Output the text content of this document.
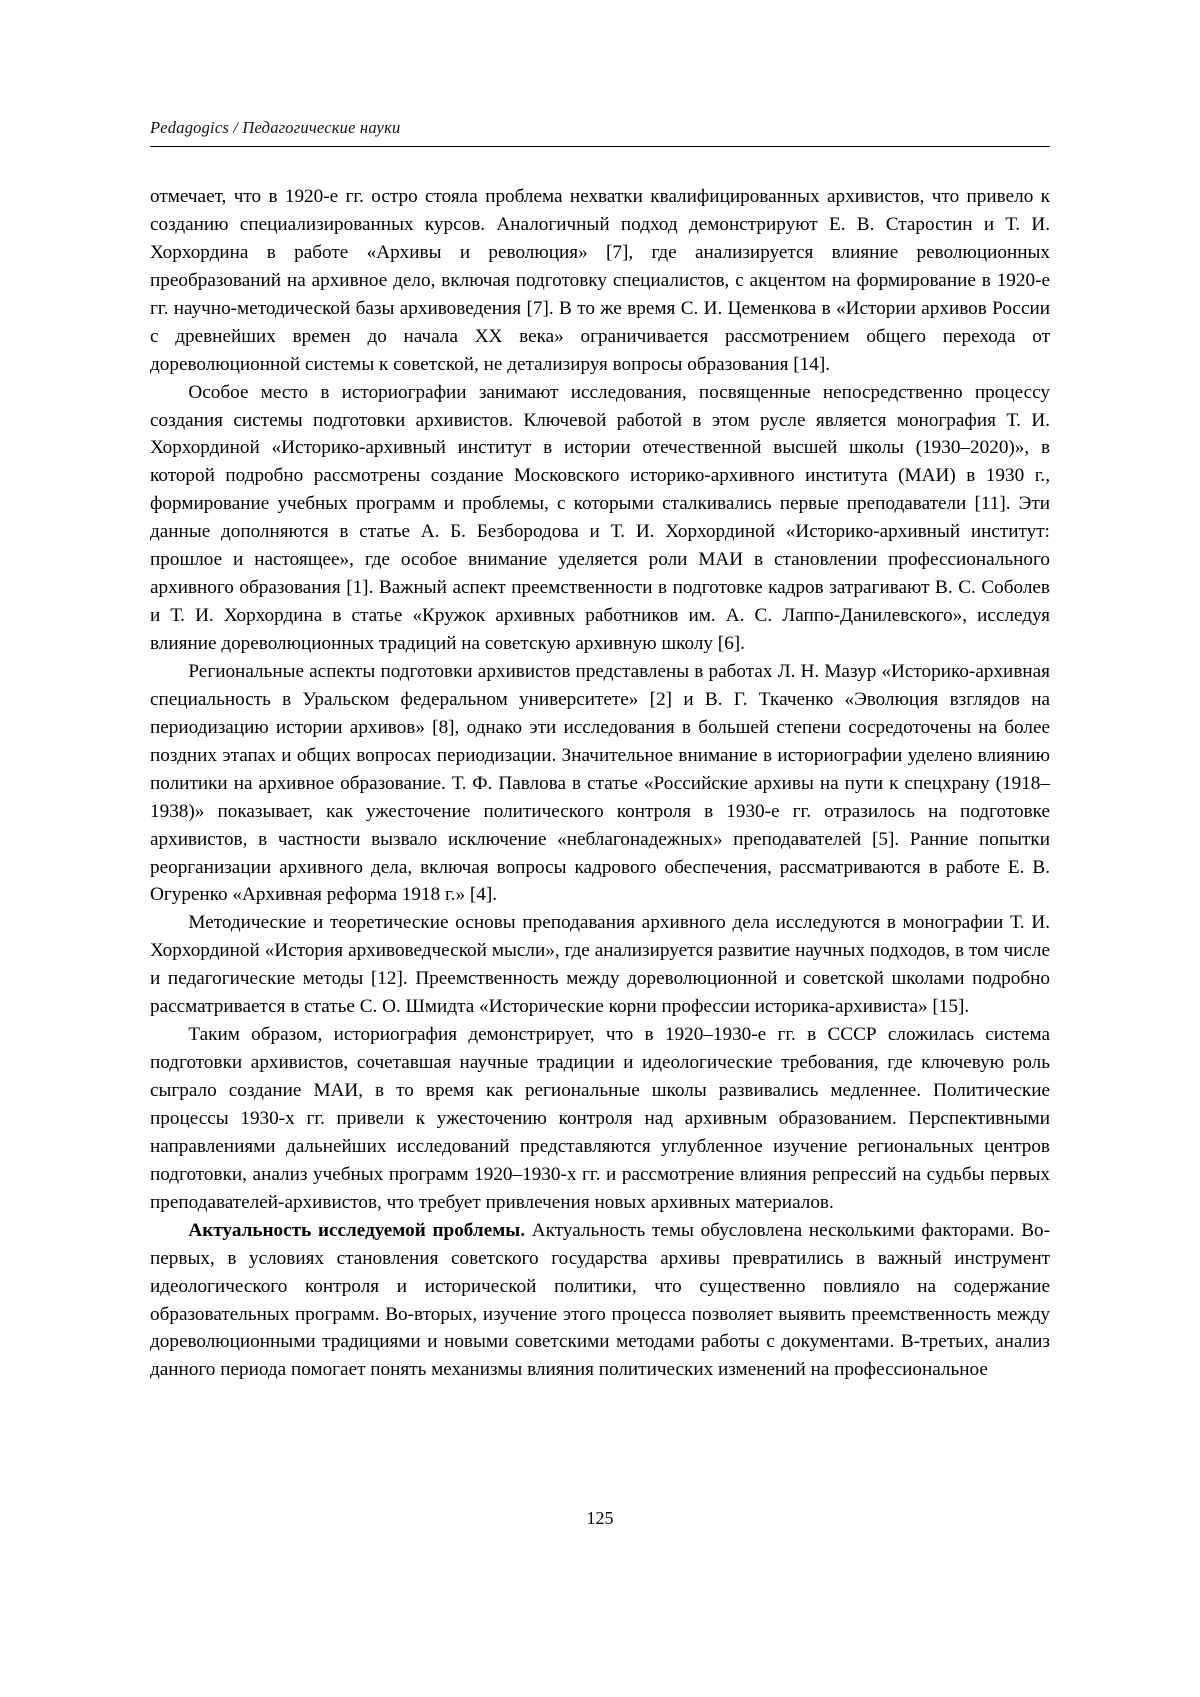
Pedagogics / Педагогические науки

отмечает, что в 1920-е гг. остро стояла проблема нехватки квалифицированных архивистов, что привело к созданию специализированных курсов. Аналогичный подход демонстрируют Е. В. Старостин и Т. И. Хорхордина в работе «Архивы и революция» [7], где анализируется влияние революционных преобразований на архивное дело, включая подготовку специалистов, с акцентом на формирование в 1920-е гг. научно-методической базы архивоведения [7]. В то же время С. И. Цеменкова в «Истории архивов России с древнейших времен до начала ХХ века» ограничивается рассмотрением общего перехода от дореволюционной системы к советской, не детализируя вопросы образования [14].

Особое место в историографии занимают исследования, посвященные непосредственно процессу создания системы подготовки архивистов. Ключевой работой в этом русле является монография Т. И. Хорхординой «Историко-архивный институт в истории отечественной высшей школы (1930–2020)», в которой подробно рассмотрены создание Московского историко-архивного института (МАИ) в 1930 г., формирование учебных программ и проблемы, с которыми сталкивались первые преподаватели [11]. Эти данные дополняются в статье А. Б. Безбородова и Т. И. Хорхординой «Историко-архивный институт: прошлое и настоящее», где особое внимание уделяется роли МАИ в становлении профессионального архивного образования [1]. Важный аспект преемственности в подготовке кадров затрагивают В. С. Соболев и Т. И. Хорхордина в статье «Кружок архивных работников им. А. С. Лаппо-Данилевского», исследуя влияние дореволюционных традиций на советскую архивную школу [6].

Региональные аспекты подготовки архивистов представлены в работах Л. Н. Мазур «Историко-архивная специальность в Уральском федеральном университете» [2] и В. Г. Ткаченко «Эволюция взглядов на периодизацию истории архивов» [8], однако эти исследования в большей степени сосредоточены на более поздних этапах и общих вопросах периодизации. Значительное внимание в историографии уделено влиянию политики на архивное образование. Т. Ф. Павлова в статье «Российские архивы на пути к спецхрану (1918–1938)» показывает, как ужесточение политического контроля в 1930-е гг. отразилось на подготовке архивистов, в частности вызвало исключение «неблагонадежных» преподавателей [5]. Ранние попытки реорганизации архивного дела, включая вопросы кадрового обеспечения, рассматриваются в работе Е. В. Огуренко «Архивная реформа 1918 г.» [4].

Методические и теоретические основы преподавания архивного дела исследуются в монографии Т. И. Хорхординой «История архивоведческой мысли», где анализируется развитие научных подходов, в том числе и педагогические методы [12]. Преемственность между дореволюционной и советской школами подробно рассматривается в статье С. О. Шмидта «Исторические корни профессии историка-архивиста» [15].

Таким образом, историография демонстрирует, что в 1920–1930-е гг. в СССР сложилась система подготовки архивистов, сочетавшая научные традиции и идеологические требования, где ключевую роль сыграло создание МАИ, в то время как региональные школы развивались медленнее. Политические процессы 1930-х гг. привели к ужесточению контроля над архивным образованием. Перспективными направлениями дальнейших исследований представляются углубленное изучение региональных центров подготовки, анализ учебных программ 1920–1930-х гг. и рассмотрение влияния репрессий на судьбы первых преподавателей-архивистов, что требует привлечения новых архивных материалов.

Актуальность исследуемой проблемы. Актуальность темы обусловлена несколькими факторами. Во-первых, в условиях становления советского государства архивы превратились в важный инструмент идеологического контроля и исторической политики, что существенно повлияло на содержание образовательных программ. Во-вторых, изучение этого процесса позволяет выявить преемственность между дореволюционными традициями и новыми советскими методами работы с документами. В-третьих, анализ данного периода помогает понять механизмы влияния политических изменений на профессиональное

125
